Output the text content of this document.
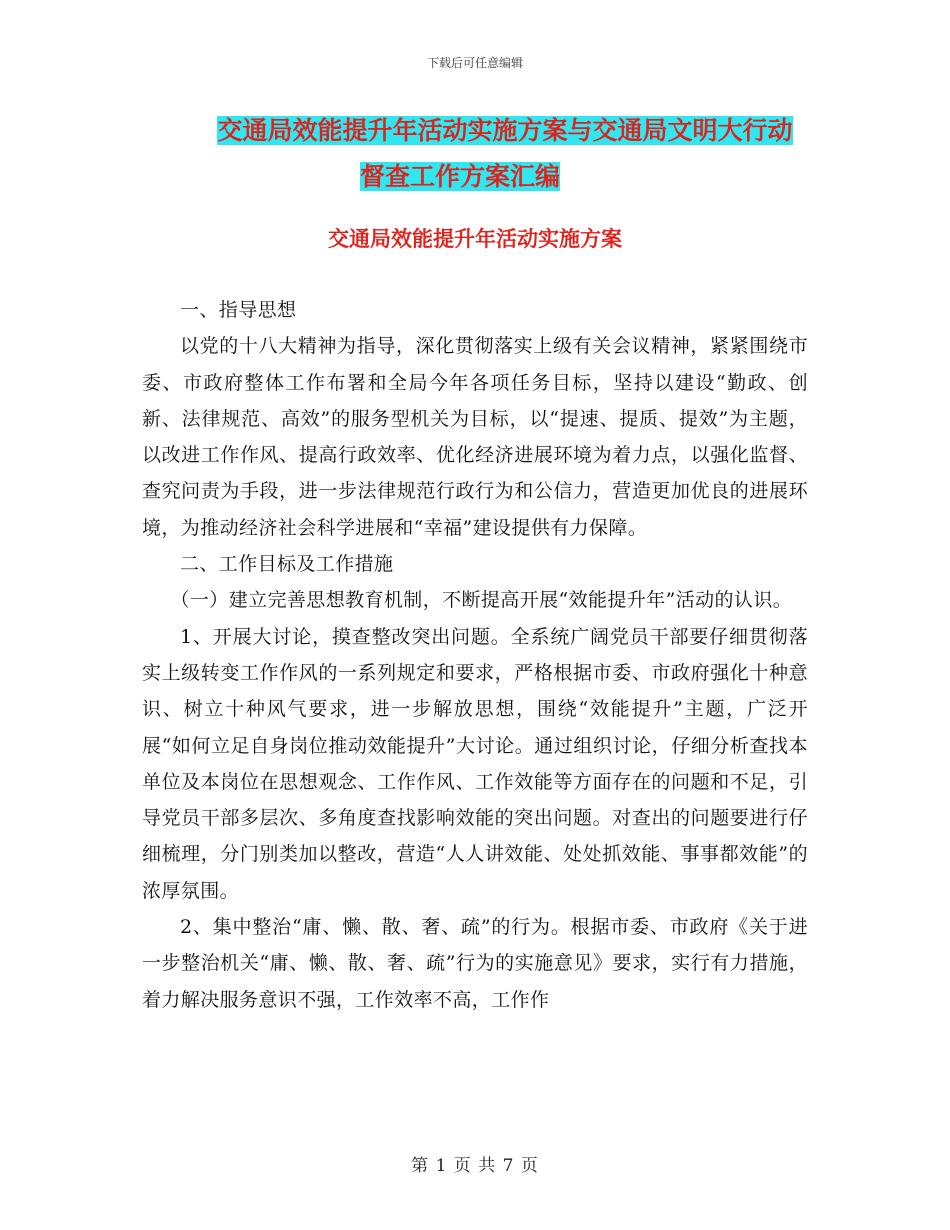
下载后可任意编辑
交通局效能提升年活动实施方案与交通局文明大行动
督查工作方案汇编
交通局效能提升年活动实施方案

一、指导思想

以党的十八大精神为指导，深化贯彻落实上级有关会议精神，紧紧围绕市委、市政府整体工作布署和全局今年各项任务目标，坚持以建设“勤政、创新、法律规范、高效”的服务型机关为目标，以“提速、提质、提效”为主题，以改进工作作风、提高行政效率、优化经济进展环境为着力点，以强化监督、查究问责为手段，进一步法律规范行政行为和公信力，营造更加优良的进展环境，为推动经济社会科学进展和“幸福”建设提供有力保障。

二、工作目标及工作措施

（一）建立完善思想教育机制，不断提高开展“效能提升年”活动的认识。

1、开展大讨论，摸查整改突出问题。全系统广阔党员干部要仔细贯彻落实上级转变工作作风的一系列规定和要求，严格根据市委、市政府强化十种意识、树立十种风气要求，进一步解放思想，围绕“效能提升”主题，广泛开展“如何立足自身岗位推动效能提升”大讨论。通过组织讨论，仔细分析查找本单位及本岗位在思想观念、工作作风、工作效能等方面存在的问题和不足，引导党员干部多层次、多角度查找影响效能的突出问题。对查出的问题要进行仔细梳理，分门别类加以整改，营造“人人讲效能、处处抓效能、事事都效能”的浓厚氛围。

2、集中整治“庸、懒、散、奢、疏”的行为。根据市委、市政府《关于进一步整治机关“庸、懒、散、奢、疏”行为的实施意见》要求，实行有力措施，着力解决服务意识不强，工作效率不高，工作作

第 1 页 共 7 页
